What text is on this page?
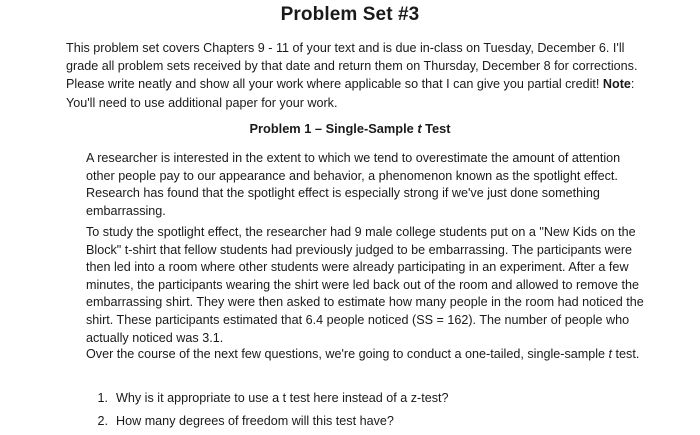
Problem Set #3
This problem set covers Chapters 9 - 11 of your text and is due in-class on Tuesday, December 6. I'll grade all problem sets received by that date and return them on Thursday, December 8 for corrections. Please write neatly and show all your work where applicable so that I can give you partial credit! Note: You'll need to use additional paper for your work.
Problem 1 – Single-Sample t Test
A researcher is interested in the extent to which we tend to overestimate the amount of attention other people pay to our appearance and behavior, a phenomenon known as the spotlight effect. Research has found that the spotlight effect is especially strong if we've just done something embarrassing.
To study the spotlight effect, the researcher had 9 male college students put on a "New Kids on the Block" t-shirt that fellow students had previously judged to be embarrassing. The participants were then led into a room where other students were already participating in an experiment. After a few minutes, the participants wearing the shirt were led back out of the room and allowed to remove the embarrassing shirt. They were then asked to estimate how many people in the room had noticed the shirt. These participants estimated that 6.4 people noticed (SS = 162). The number of people who actually noticed was 3.1.
Over the course of the next few questions, we're going to conduct a one-tailed, single-sample t test.
1. Why is it appropriate to use a t test here instead of a z-test?
2. How many degrees of freedom will this test have?
